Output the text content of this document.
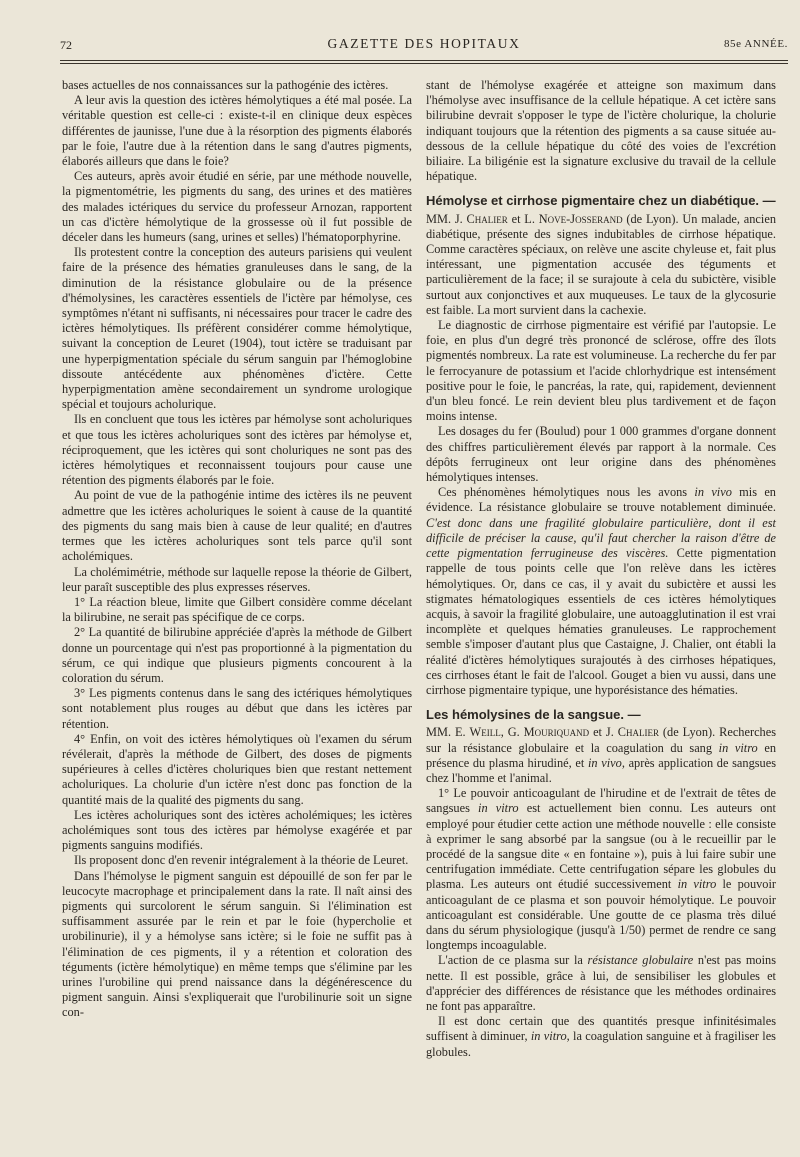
72	GAZETTE DES HOPITAUX	85e ANNÉE.

bases actuelles de nos connaissances sur la pathogénie des ictères.

A leur avis la question des ictères hémolytiques a été mal posée. La véritable question est celle-ci : existe-t-il en clinique deux espèces différentes de jaunisse, l'une due à la résorption des pigments élaborés par le foie, l'autre due à la rétention dans le sang d'autres pigments, élaborés ailleurs que dans le foie?

Ces auteurs, après avoir étudié en série, par une méthode nouvelle, la pigmentométrie, les pigments du sang, des urines et des matières des malades ictériques du service du professeur Arnozan, rapportent un cas d'ictère hémolytique de la grossesse où il fut possible de déceler dans les humeurs (sang, urines et selles) l'hématoporphyrine.

Ils protestent contre la conception des auteurs parisiens qui veulent faire de la présence des hématies granuleuses dans le sang, de la diminution de la résistance globulaire ou de la présence d'hémolysines, les caractères essentiels de l'ictère par hémolyse, ces symptômes n'étant ni suffisants, ni nécessaires pour tracer le cadre des ictères hémolytiques. Ils préfèrent considérer comme hémolytique, suivant la conception de Leuret (1904), tout ictère se traduisant par une hyperpigmentation spéciale du sérum sanguin par l'hémoglobine dissoute antécédente aux phénomènes d'ictère. Cette hyperpigmentation amène secondairement un syndrome urologique spécial et toujours acholurique.

Ils en concluent que tous les ictères par hémolyse sont acholuriques et que tous les ictères acholuriques sont des ictères par hémolyse et, réciproquement, que les ictères qui sont choluriques ne sont pas des ictères hémolytiques et reconnaissent toujours pour cause une rétention des pigments élaborés par le foie.

Au point de vue de la pathogénie intime des ictères ils ne peuvent admettre que les ictères acholuriques le soient à cause de la quantité des pigments du sang mais bien à cause de leur qualité; en d'autres termes que les ictères acholuriques sont tels parce qu'il sont acholémiques.

La cholémimétrie, méthode sur laquelle repose la théorie de Gilbert, leur paraît susceptible des plus expresses réserves.

1° La réaction bleue, limite que Gilbert considère comme décelant la bilirubine, ne serait pas spécifique de ce corps.

2° La quantité de bilirubine appréciée d'après la méthode de Gilbert donne un pourcentage qui n'est pas proportionné à la pigmentation du sérum, ce qui indique que plusieurs pigments concourent à la coloration du sérum.

3° Les pigments contenus dans le sang des ictériques hémolytiques sont notablement plus rouges au début que dans les ictères par rétention.

4° Enfin, on voit des ictères hémolytiques où l'examen du sérum révélerait, d'après la méthode de Gilbert, des doses de pigments supérieures à celles d'ictères choluriques bien que restant nettement acholuriques. La cholurie d'un ictère n'est donc pas fonction de la quantité mais de la qualité des pigments du sang.

Les ictères acholuriques sont des ictères acholémiques; les ictères acholémiques sont tous des ictères par hémolyse exagérée et par pigments sanguins modifiés.

Ils proposent donc d'en revenir intégralement à la théorie de Leuret.

Dans l'hémolyse le pigment sanguin est dépouillé de son fer par le leucocyte macrophage et principalement dans la rate. Il naît ainsi des pigments qui surcolorent le sérum sanguin. Si l'élimination est suffisamment assurée par le rein et par le foie (hypercholie et urobilinurie), il y a hémolyse sans ictère; si le foie ne suffit pas à l'élimination de ces pigments, il y a rétention et coloration des téguments (ictère hémolytique) en même temps que s'élimine par les urines l'urobiline qui prend naissance dans la dégénérescence du pigment sanguin. Ainsi s'expliquerait que l'urobilinurie soit un signe con-

stant de l'hémolyse exagérée et atteigne son maximum dans l'hémolyse avec insuffisance de la cellule hépatique. A cet ictère sans bilirubine devrait s'opposer le type de l'ictère cholurique, la cholurie indiquant toujours que la rétention des pigments a sa cause située au-dessous de la cellule hépatique du côté des voies de l'excrétion biliaire. La biligénie est la signature exclusive du travail de la cellule hépatique.

Hémolyse et cirrhose pigmentaire chez un diabétique. —

MM. J. Chalier et L. Nove-Josserand (de Lyon). Un malade, ancien diabétique, présente des signes indubitables de cirrhose hépatique. Comme caractères spéciaux, on relève une ascite chyleuse et, fait plus intéressant, une pigmentation accusée des téguments et particulièrement de la face; il se surajoute à cela du subictère, visible surtout aux conjonctives et aux muqueuses. Le taux de la glycosurie est faible. La mort survient dans la cachexie.

Le diagnostic de cirrhose pigmentaire est vérifié par l'autopsie. Le foie, en plus d'un degré très prononcé de sclérose, offre des îlots pigmentés nombreux. La rate est volumineuse. La recherche du fer par le ferrocyanure de potassium et l'acide chlorhydrique est intensément positive pour le foie, le pancréas, la rate, qui, rapidement, deviennent d'un bleu foncé. Le rein devient bleu plus tardivement et de façon moins intense.

Les dosages du fer (Boulud) pour 1 000 grammes d'organe donnent des chiffres particulièrement élevés par rapport à la normale. Ces dépôts ferrugineux ont leur origine dans des phénomènes hémolytiques intenses.

Ces phénomènes hémolytiques nous les avons in vivo mis en évidence. La résistance globulaire se trouve notablement diminuée. C'est donc dans une fragilité globulaire particulière, dont il est difficile de préciser la cause, qu'il faut chercher la raison d'être de cette pigmentation ferrugineuse des viscères. Cette pigmentation rappelle de tous points celle que l'on relève dans les ictères hémolytiques. Or, dans ce cas, il y avait du subictère et aussi les stigmates hématologiques essentiels de ces ictères hémolytiques acquis, à savoir la fragilité globulaire, une autoagglutination il est vrai incomplète et quelques hématies granuleuses. Le rapprochement semble s'imposer d'autant plus que Castaigne, J. Chalier, ont établi la réalité d'ictères hémolytiques surajoutés à des cirrhoses hépatiques, ces cirrhoses étant le fait de l'alcool. Gouget a bien vu aussi, dans une cirrhose pigmentaire typique, une hyporésistance des hématies.

Les hémolysines de la sangsue. —

MM. E. Weill, G. Mouriquand et J. Chalier (de Lyon). Recherches sur la résistance globulaire et la coagulation du sang in vitro en présence du plasma hirudiné, et in vivo, après application de sangsues chez l'homme et l'animal.

1° Le pouvoir anticoagulant de l'hirudine et de l'extrait de têtes de sangsues in vitro est actuellement bien connu. Les auteurs ont employé pour étudier cette action une méthode nouvelle : elle consiste à exprimer le sang absorbé par la sangsue (ou à le recueillir par le procédé de la sangsue dite « en fontaine »), puis à lui faire subir une centrifugation immédiate. Cette centrifugation sépare les globules du plasma. Les auteurs ont étudié successivement in vitro le pouvoir anticoagulant de ce plasma et son pouvoir hémolytique. Le pouvoir anticoagulant est considérable. Une goutte de ce plasma très dilué dans du sérum physiologique (jusqu'à 1/50) permet de rendre ce sang longtemps incoagulable.

L'action de ce plasma sur la résistance globulaire n'est pas moins nette. Il est possible, grâce à lui, de sensibiliser les globules et d'apprécier des différences de résistance que les méthodes ordinaires ne font pas apparaître.

Il est donc certain que des quantités presque infinitésimales suffisent à diminuer, in vitro, la coagulation sanguine et à fragiliser les globules.
